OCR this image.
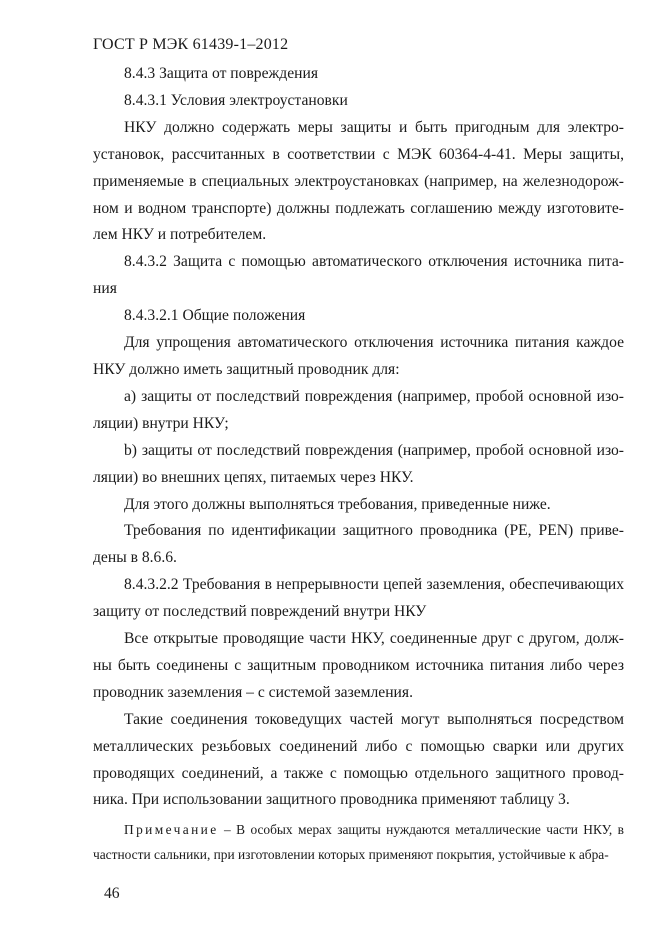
ГОСТ Р МЭК 61439-1–2012

8.4.3 Защита от повреждения

8.4.3.1 Условия электроустановки

НКУ должно содержать меры защиты и быть пригодным для электро-установок, рассчитанных в соответствии с МЭК 60364-4-41. Меры защиты, применяемые в специальных электроустановках (например, на железнодорож-ном и водном транспорте) должны подлежать соглашению между изготовите-лем НКУ и потребителем.

8.4.3.2 Защита с помощью автоматического отключения источника пита-ния

8.4.3.2.1 Общие положения

Для упрощения автоматического отключения источника питания каждое НКУ должно иметь защитный проводник для:

a) защиты от последствий повреждения (например, пробой основной изо-ляции) внутри НКУ;

b) защиты от последствий повреждения (например, пробой основной изо-ляции) во внешних цепях, питаемых через НКУ.

Для этого должны выполняться требования, приведенные ниже.

Требования по идентификации защитного проводника (PE, PEN) приве-дены в 8.6.6.

8.4.3.2.2 Требования в непрерывности цепей заземления, обеспечивающих защиту от последствий повреждений внутри НКУ

Все открытые проводящие части НКУ, соединенные друг с другом, долж-ны быть соединены с защитным проводником источника питания либо через проводник заземления – с системой заземления.

Такие соединения токоведущих частей могут выполняться посредством металлических резьбовых соединений либо с помощью сварки или других проводящих соединений, а также с помощью отдельного защитного провод-ника. При использовании защитного проводника применяют таблицу 3.

Примечание – В особых мерах защиты нуждаются металлические части НКУ, в частности сальники, при изготовлении которых применяют покрытия, устойчивые к абра-

46
